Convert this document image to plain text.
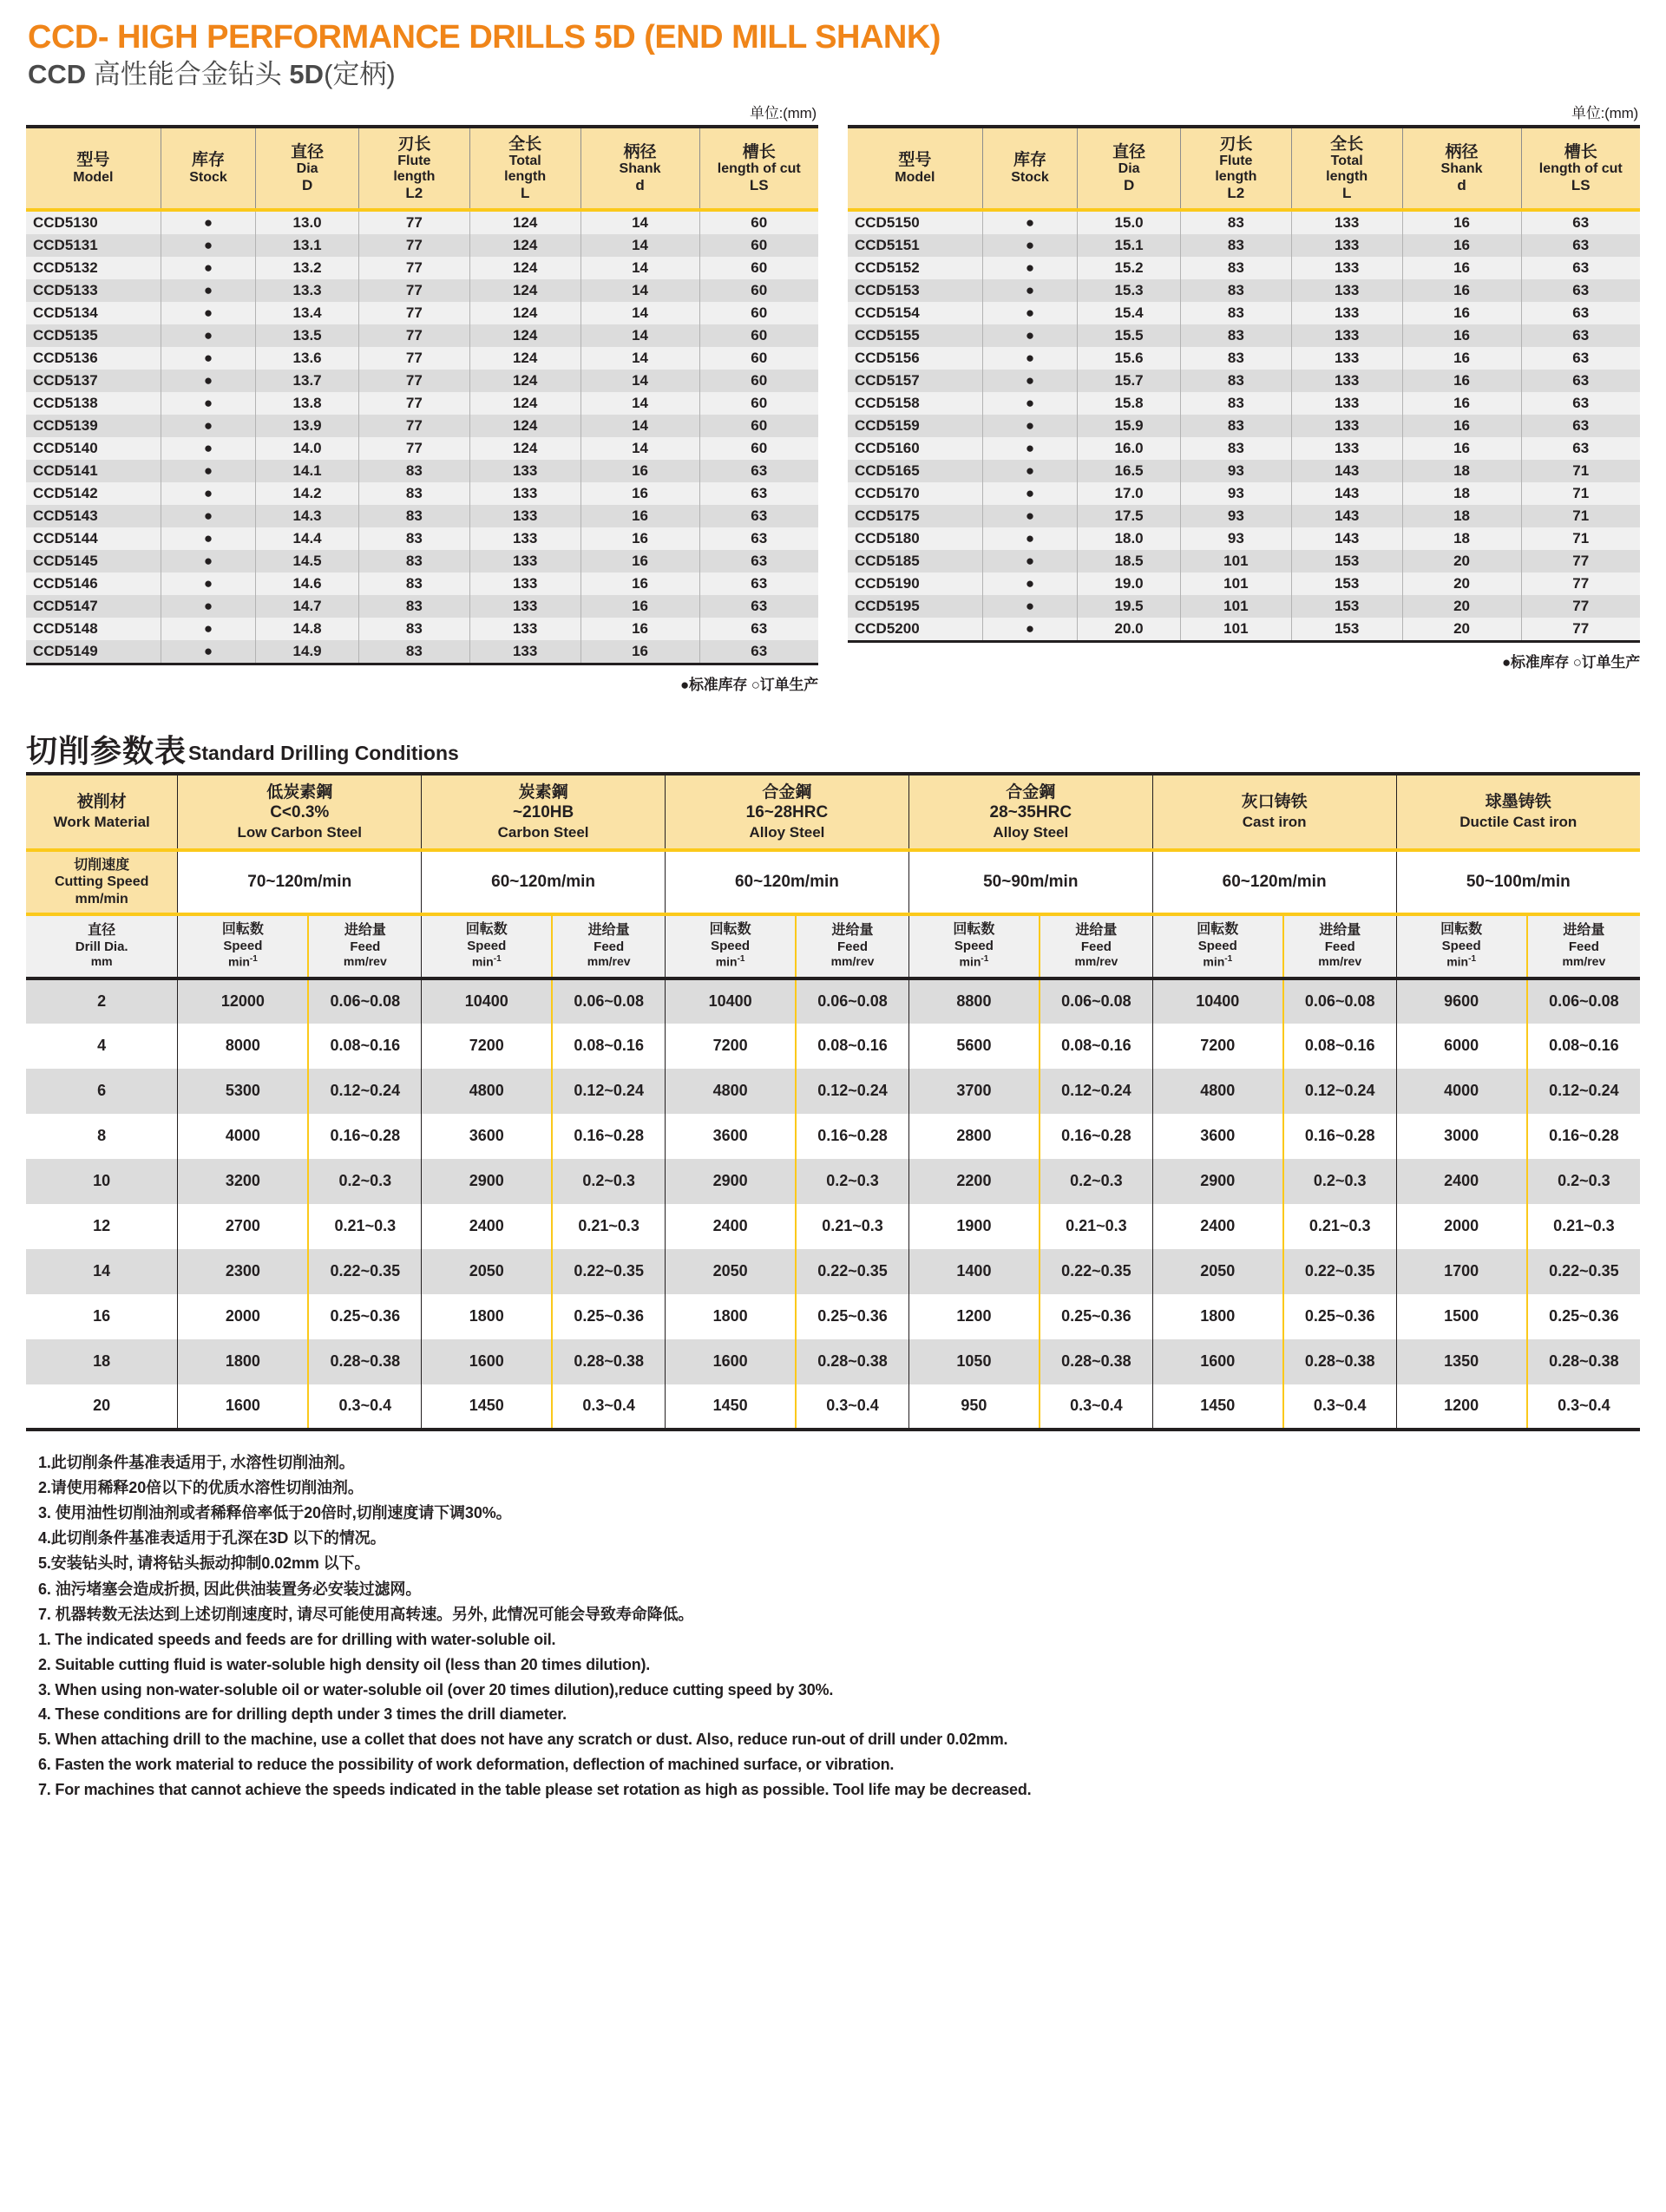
CCD- HIGH PERFORMANCE DRILLS 5D (END MILL SHANK)
CCD 高性能合金钻头 5D(定柄)
单位:(mm)
型号
Model	库存
Stock	直径
Dia
D	刃长
Flute
length
L2	全长
Total
length
L	柄径
Shank
d	槽长
length of cut
LS

CCD5130	●	13.0	77	124	14	60
CCD5131	●	13.1	77	124	14	60
CCD5132	●	13.2	77	124	14	60
CCD5133	●	13.3	77	124	14	60
CCD5134	●	13.4	77	124	14	60
CCD5135	●	13.5	77	124	14	60
CCD5136	●	13.6	77	124	14	60
CCD5137	●	13.7	77	124	14	60
CCD5138	●	13.8	77	124	14	60
CCD5139	●	13.9	77	124	14	60
CCD5140	●	14.0	77	124	14	60
CCD5141	●	14.1	83	133	16	63
CCD5142	●	14.2	83	133	16	63
CCD5143	●	14.3	83	133	16	63
CCD5144	●	14.4	83	133	16	63
CCD5145	●	14.5	83	133	16	63
CCD5146	●	14.6	83	133	16	63
CCD5147	●	14.7	83	133	16	63
CCD5148	●	14.8	83	133	16	63
CCD5149	●	14.9	83	133	16	63
●标准库存 ○订单生产
单位:(mm)
型号
Model	库存
Stock	直径
Dia
D	刃长
Flute
length
L2	全长
Total
length
L	柄径
Shank
d	槽长
length of cut
LS

CCD5150	●	15.0	83	133	16	63
CCD5151	●	15.1	83	133	16	63
CCD5152	●	15.2	83	133	16	63
CCD5153	●	15.3	83	133	16	63
CCD5154	●	15.4	83	133	16	63
CCD5155	●	15.5	83	133	16	63
CCD5156	●	15.6	83	133	16	63
CCD5157	●	15.7	83	133	16	63
CCD5158	●	15.8	83	133	16	63
CCD5159	●	15.9	83	133	16	63
CCD5160	●	16.0	83	133	16	63
CCD5165	●	16.5	93	143	18	71
CCD5170	●	17.0	93	143	18	71
CCD5175	●	17.5	93	143	18	71
CCD5180	●	18.0	93	143	18	71
CCD5185	●	18.5	101	153	20	77
CCD5190	●	19.0	101	153	20	77
CCD5195	●	19.5	101	153	20	77
CCD5200	●	20.0	101	153	20	77
●标准库存 ○订单生产
切削参数表 Standard Drilling Conditions
被削材
Work Material	低炭素鋼
C<0.3%
Low Carbon Steel		炭素鋼
~210HB
Carbon Steel		合金鋼
16~28HRC
Alloy Steel		合金鋼
28~35HRC
Alloy Steel		灰口铸铁
Cast iron		球墨铸铁
Ductile Cast iron	

切削速度
Cutting Speed
mm/min	70~120m/min		60~120m/min		60~120m/min		50~90m/min		60~120m/min		50~100m/min	

直径
Drill Dia.
mm	回転数
Speed
$\min^{-1}$	进给量
Feed
mm/rev	回転数
Speed
$\min^{-1}$	进给量
Feed
mm/rev	回転数
Speed
$\min^{-1}$	进给量
Feed
mm/rev	回転数
Speed
$\min^{-1}$	进给量
Feed
mm/rev	回転数
Speed
$\min^{-1}$	进给量
Feed
mm/rev	回転数
Speed
$\min^{-1}$	进给量
Feed
mm/rev

2	12000	0.06~0.08	10400	0.06~0.08	10400	0.06~0.08	8800	0.06~0.08	10400	0.06~0.08	9600	0.06~0.08
4	8000	0.08~0.16	7200	0.08~0.16	7200	0.08~0.16	5600	0.08~0.16	7200	0.08~0.16	6000	0.08~0.16
6	5300	0.12~0.24	4800	0.12~0.24	4800	0.12~0.24	3700	0.12~0.24	4800	0.12~0.24	4000	0.12~0.24
8	4000	0.16~0.28	3600	0.16~0.28	3600	0.16~0.28	2800	0.16~0.28	3600	0.16~0.28	3000	0.16~0.28
10	3200	0.2~0.3	2900	0.2~0.3	2900	0.2~0.3	2200	0.2~0.3	2900	0.2~0.3	2400	0.2~0.3
12	2700	0.21~0.3	2400	0.21~0.3	2400	0.21~0.3	1900	0.21~0.3	2400	0.21~0.3	2000	0.21~0.3
14	2300	0.22~0.35	2050	0.22~0.35	2050	0.22~0.35	1400	0.22~0.35	2050	0.22~0.35	1700	0.22~0.35
16	2000	0.25~0.36	1800	0.25~0.36	1800	0.25~0.36	1200	0.25~0.36	1800	0.25~0.36	1500	0.25~0.36
18	1800	0.28~0.38	1600	0.28~0.38	1600	0.28~0.38	1050	0.28~0.38	1600	0.28~0.38	1350	0.28~0.38
20	1600	0.3~0.4	1450	0.3~0.4	1450	0.3~0.4	950	0.3~0.4	1450	0.3~0.4	1200	0.3~0.4
1.此切削条件基准表适用于, 水溶性切削油剂。
2.请使用稀释20倍以下的优质水溶性切削油剂。
3. 使用油性切削油剂或者稀释倍率低于20倍时,切削速度请下调30%。
4.此切削条件基准表适用于孔深在3D 以下的情况。
5.安装钻头时, 请将钻头振动抑制0.02mm 以下。
6. 油污堵塞会造成折损, 因此供油装置务必安装过滤网。
7. 机器转数无法达到上述切削速度时, 请尽可能使用高转速。另外, 此情况可能会导致寿命降低。
1. The indicated speeds and feeds are for drilling with water-soluble oil.
2. Suitable cutting fluid is water-soluble high density oil (less than 20 times dilution).
3. When using non-water-soluble oil or water-soluble oil (over 20 times dilution),reduce cutting speed by 30%.
4. These conditions are for drilling depth under 3 times the drill diameter.
5. When attaching drill to the machine, use a collet that does not have any scratch or dust. Also, reduce run-out of drill under 0.02mm.
6. Fasten the work material to reduce the possibility of work deformation, deflection of machined surface, or vibration.
7. For machines that cannot achieve the speeds indicated in the table please set rotation as high as possible. Tool life may be decreased.
